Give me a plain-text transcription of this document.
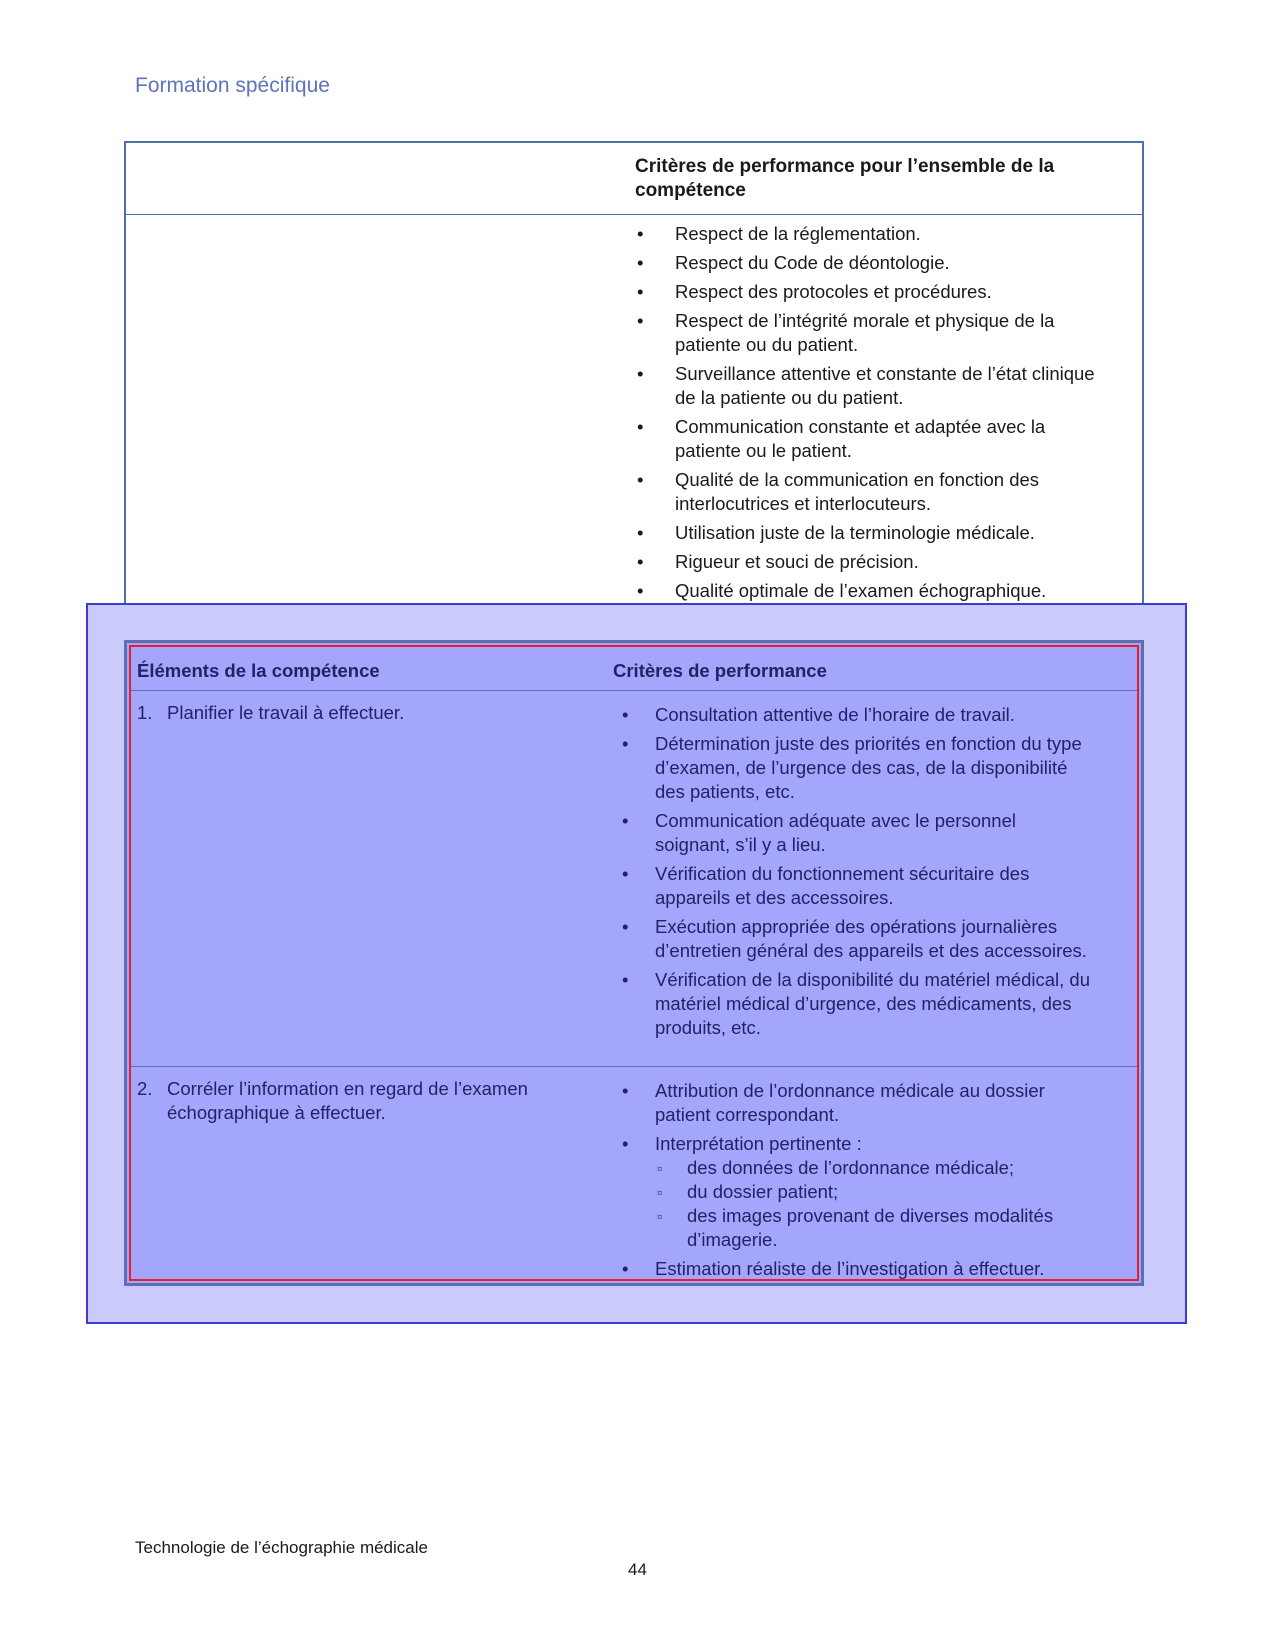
Formation spécifique
Critères de performance pour l’ensemble de la compétence
• Respect de la réglementation.
• Respect du Code de déontologie.
• Respect des protocoles et procédures.
• Respect de l’intégrité morale et physique de la patiente ou du patient.
• Surveillance attentive et constante de l’état clinique de la patiente ou du patient.
• Communication constante et adaptée avec la patiente ou le patient.
• Qualité de la communication en fonction des interlocutrices et interlocuteurs.
• Utilisation juste de la terminologie médicale.
• Rigueur et souci de précision.
• Qualité optimale de l’examen échographique.
Éléments de la compétence	Critères de performance
1. Planifier le travail à effectuer.	• Consultation attentive de l’horaire de travail.
• Détermination juste des priorités en fonction du type d’examen, de l’urgence des cas, de la disponibilité des patients, etc.
• Communication adéquate avec le personnel soignant, s’il y a lieu.
• Vérification du fonctionnement sécuritaire des appareils et des accessoires.
• Exécution appropriée des opérations journalières d’entretien général des appareils et des accessoires.
• Vérification de la disponibilité du matériel médical, du matériel médical d’urgence, des médicaments, des produits, etc.
2. Corréler l’information en regard de l’examen échographique à effectuer.
• Attribution de l’ordonnance médicale au dossier patient correspondant.
• Interprétation pertinente :
▫ des données de l’ordonnance médicale;
▫ du dossier patient;
▫ des images provenant de diverses modalités d’imagerie.
• Estimation réaliste de l’investigation à effectuer.
Technologie de l’échographie médicale
44
